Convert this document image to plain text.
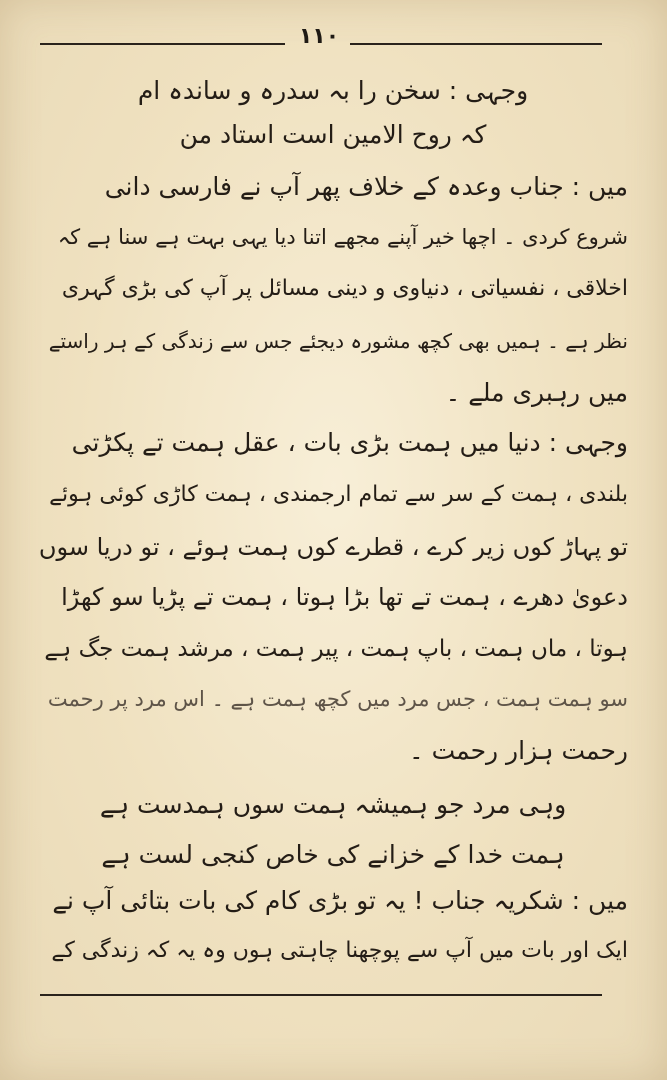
۱۱۰
وجہی : سخن را بہ سدرہ و ساندہ ام
کہ روح الامین است استاد من
میں : جناب وعدہ کے خلاف پھر آپ نے فارسی دانی
شروع کردی ۔ اچھا خیر آپنے مجھے اتنا دیا یہی بہت ہے سنا ہے کہ
اخلاقی ، نفسیاتی ، دنیاوی و دینی مسائل پر آپ کی بڑی گہری
نظر ہے ۔ ہمیں بھی کچھ مشورہ دیجئے جس سے زندگی کے ہر راستے
میں رہبری ملے ۔
وجہی : دنیا میں ہمت بڑی بات ، عقل ہمت تے پکڑتی
بلندی ، ہمت کے سر سے تمام ارجمندی ، ہمت کاڑی کوئی ہوئے
تو پہاڑ کوں زیر کرے ، قطرے کوں ہمت ہوئے ، تو دریا سوں
دعویٰ دھرے ، ہمت تے تھا بڑا ہوتا ، ہمت تے پڑیا سو کھڑا
ہوتا ، ماں ہمت ، باپ ہمت ، پیر ہمت ، مرشد ہمت جگ ہے
سو ہمت ہمت ، جس مرد میں کچھ ہمت ہے ۔ اس مرد پر رحمت
رحمت ہزار رحمت ۔
وہی مرد جو ہمیشہ ہمت سوں ہمدست ہے
ہمت خدا کے خزانے کی خاص کنجی لست ہے
میں : شکریہ جناب ! یہ تو بڑی کام کی بات بتائی آپ نے
ایک اور بات میں آپ سے پوچھنا چاہتی ہوں وہ یہ کہ زندگی کے
